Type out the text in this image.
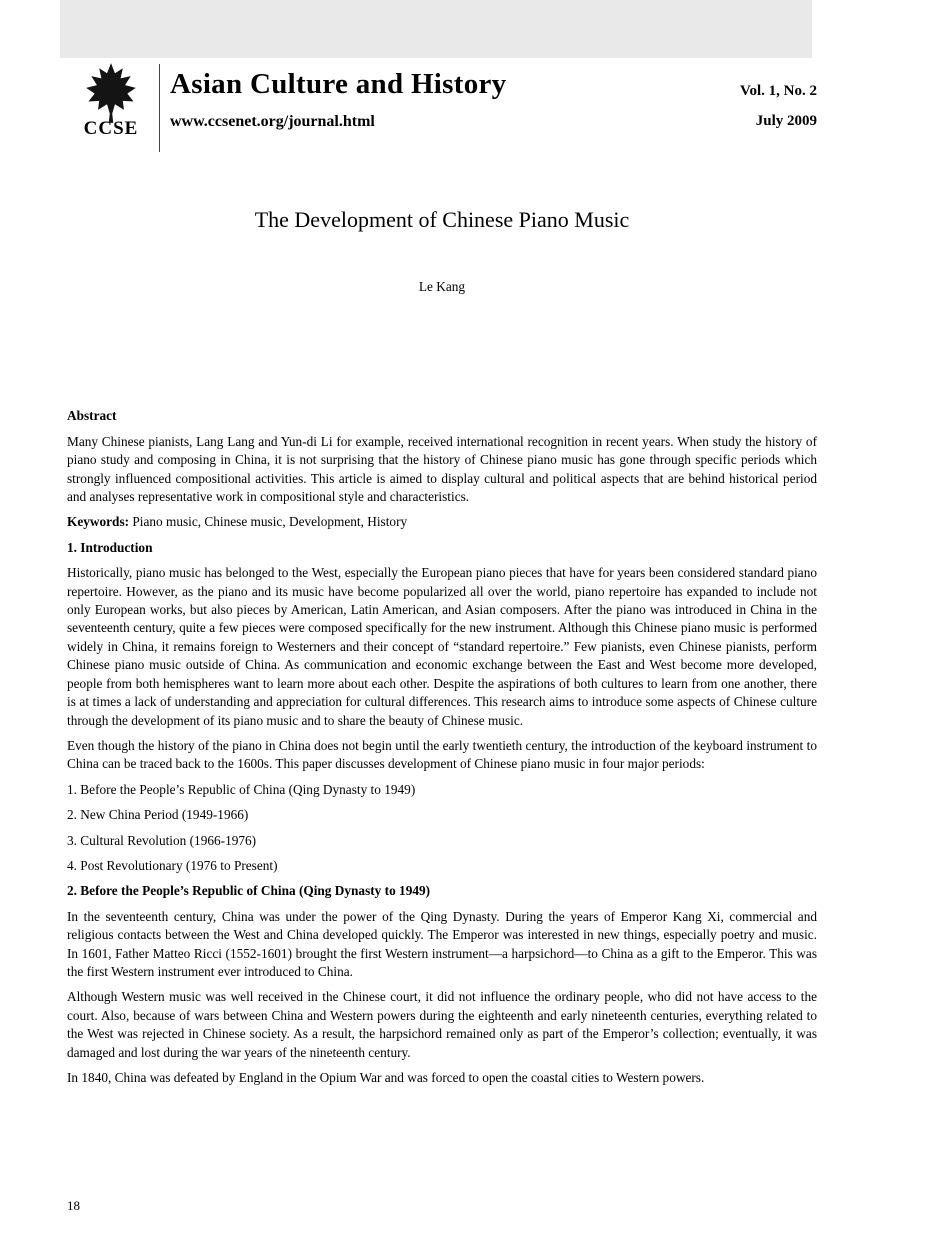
CCSE
Asian Culture and History
www.ccsenet.org/journal.html
Vol. 1, No. 2
July 2009
The Development of Chinese Piano Music
Le Kang
Abstract

Many Chinese pianists, Lang Lang and Yun-di Li for example, received international recognition in recent years. When study the history of piano study and composing in China, it is not surprising that the history of Chinese piano music has gone through specific periods which strongly influenced compositional activities. This article is aimed to display cultural and political aspects that are behind historical period and analyses representative work in compositional style and characteristics.

Keywords: Piano music, Chinese music, Development, History

1. Introduction

Historically, piano music has belonged to the West, especially the European piano pieces that have for years been considered standard piano repertoire. However, as the piano and its music have become popularized all over the world, piano repertoire has expanded to include not only European works, but also pieces by American, Latin American, and Asian composers. After the piano was introduced in China in the seventeenth century, quite a few pieces were composed specifically for the new instrument. Although this Chinese piano music is performed widely in China, it remains foreign to Westerners and their concept of “standard repertoire.” Few pianists, even Chinese pianists, perform Chinese piano music outside of China. As communication and economic exchange between the East and West become more developed, people from both hemispheres want to learn more about each other. Despite the aspirations of both cultures to learn from one another, there is at times a lack of understanding and appreciation for cultural differences. This research aims to introduce some aspects of Chinese culture through the development of its piano music and to share the beauty of Chinese music.

Even though the history of the piano in China does not begin until the early twentieth century, the introduction of the keyboard instrument to China can be traced back to the 1600s. This paper discusses development of Chinese piano music in four major periods:

1. Before the People’s Republic of China (Qing Dynasty to 1949)

2. New China Period (1949-1966)

3. Cultural Revolution (1966-1976)

4. Post Revolutionary (1976 to Present)

2. Before the People’s Republic of China (Qing Dynasty to 1949)

In the seventeenth century, China was under the power of the Qing Dynasty. During the years of Emperor Kang Xi, commercial and religious contacts between the West and China developed quickly. The Emperor was interested in new things, especially poetry and music. In 1601, Father Matteo Ricci (1552-1601) brought the first Western instrument—a harpsichord—to China as a gift to the Emperor. This was the first Western instrument ever introduced to China.

Although Western music was well received in the Chinese court, it did not influence the ordinary people, who did not have access to the court. Also, because of wars between China and Western powers during the eighteenth and early nineteenth centuries, everything related to the West was rejected in Chinese society. As a result, the harpsichord remained only as part of the Emperor’s collection; eventually, it was damaged and lost during the war years of the nineteenth century.

In 1840, China was defeated by England in the Opium War and was forced to open the coastal cities to Western powers.

18
